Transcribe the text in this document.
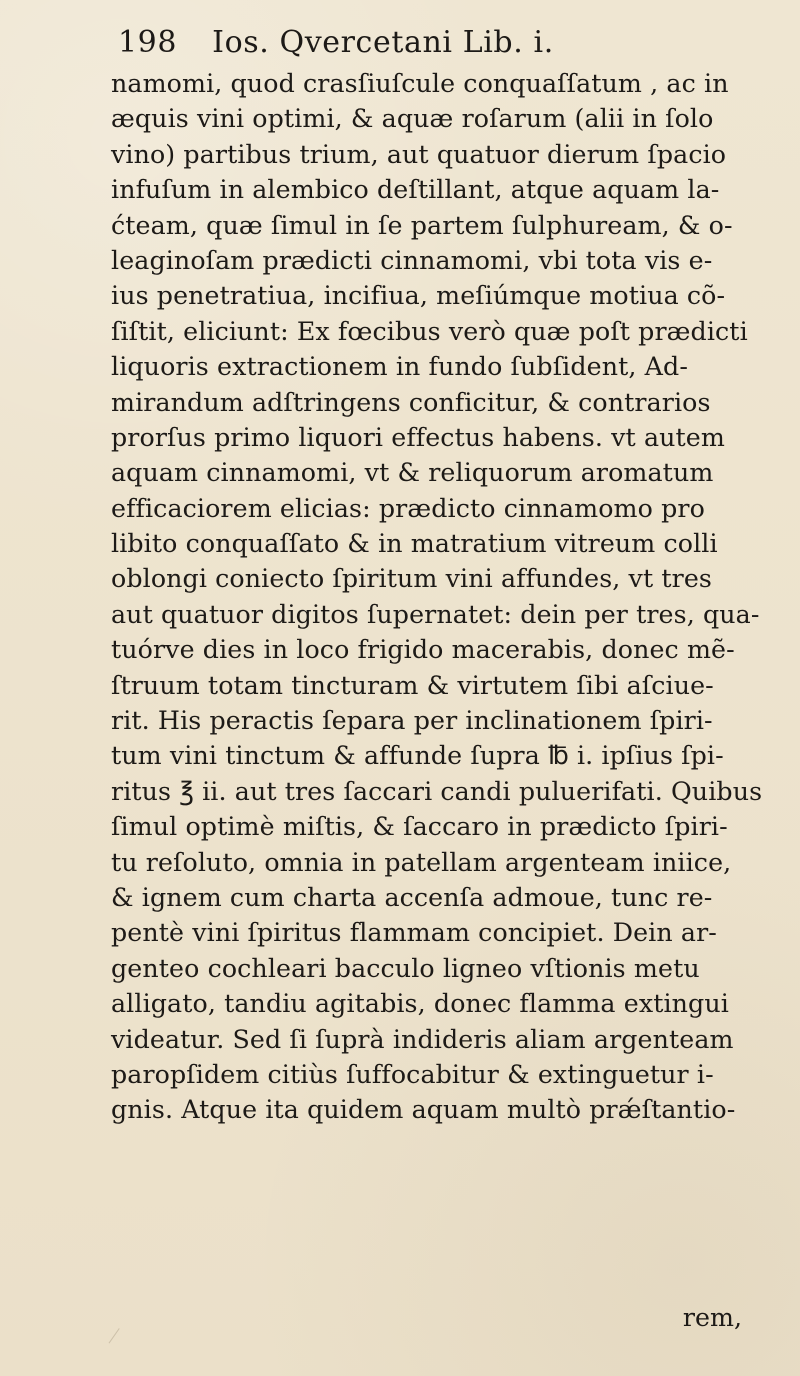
198 Ios. Qvercetani Lib. i.
namomi, quod crasſiuſcule conquaſſatum , ac in
æquis vini optimi, & aquæ roſarum (alii in ſolo
vino) partibus trium, aut quatuor dierum ſpacio
infuſum in alembico deſtillant, atque aquam la-
ćteam, quæ ſimul in ſe partem ſulphuream, & o-
leaginoſam prædicti cinnamomi, vbi tota vis e-
ius penetratiua, incifiua, meſiúmque motiua cõ-
ſiſtit, eliciunt: Ex fœcibus verò quæ poſt prædicti
liquoris extractionem in fundo ſubſident, Ad-
mirandum adſtringens conficitur, & contrarios
prorſus primo liquori effectus habens. vt autem
aquam cinnamomi, vt & reliquorum aromatum
efficaciorem elicias: prædicto cinnamomo pro
libito conquaſſato & in matratium vitreum colli
oblongi coniecto ſpiritum vini affundes, vt tres
aut quatuor digitos ſupernatet: dein per tres, qua-
tuórve dies in loco frigido macerabis, donec mẽ-
ſtruum totam tincturam & virtutem ſibi aſciue-
rit. His peractis ſepara per inclinationem ſpiri-
tum vini tinctum & affunde ſupra ℔ i. ipſius ſpi-
ritus ℥ ii. aut tres ſaccari candi puluerifati. Quibus
ſimul optimè miſtis, & ſaccaro in prædicto ſpiri-
tu reſoluto, omnia in patellam argenteam iniice,
& ignem cum charta accenſa admoue, tunc re-
pentè vini ſpiritus flammam concipiet. Dein ar-
genteo cochleari bacculo ligneo vſtionis metu
alligato, tandiu agitabis, donec flamma extingui
videatur. Sed ſi ſuprà indideris aliam argenteam
paropſidem citiùs ſuffocabitur & extinguetur i-
gnis. Atque ita quidem aquam multò prǽſtantio-
rem,
